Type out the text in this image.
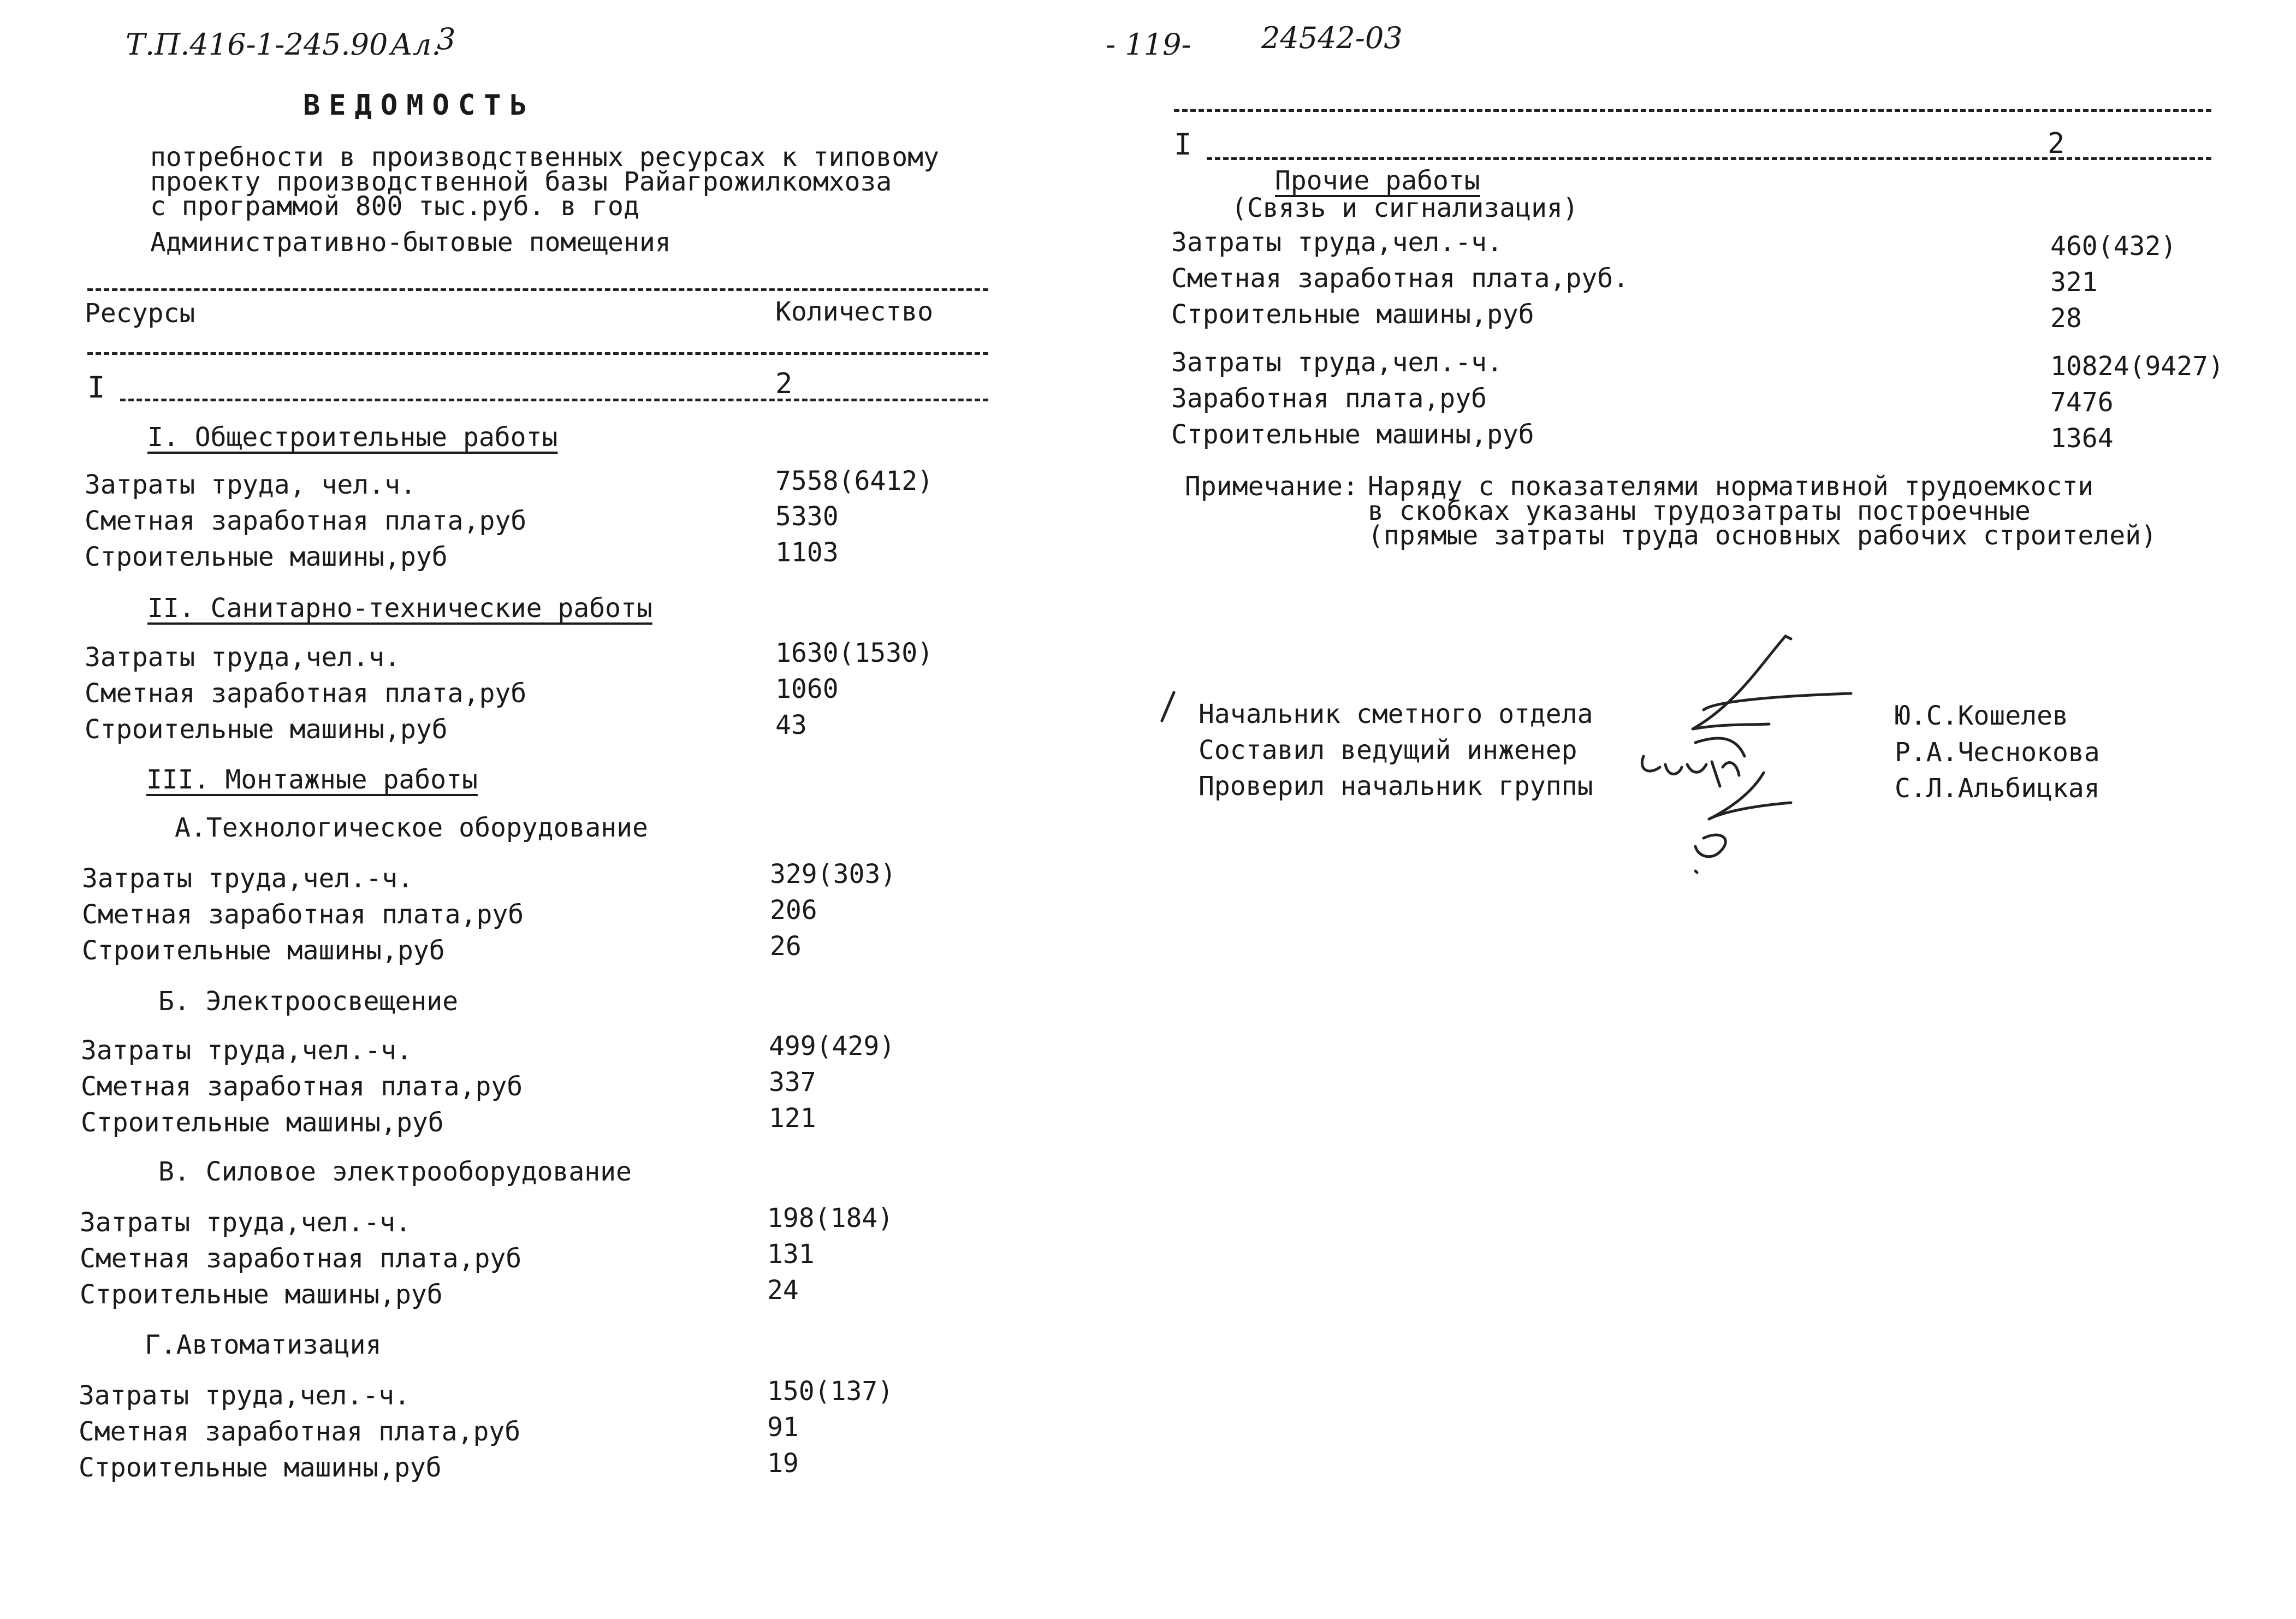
Т.П.416-1-245.90 Ал.
3
ВЕДОМОСТЬ
потребности в производственных ресурсах к типовому
проекту производственной базы Райагрожилкомхоза
с программой 800 тыс.руб. в год
Административно-бытовые помещения
Ресурсы	Количество
I	2
I. Общестроительные работы
Затраты труда, чел.ч.	7558(6412)
Сметная заработная плата,руб	5330
Строительные машины,руб	1103
II. Санитарно-технические работы
Затраты труда,чел.ч.	1630(1530)
Сметная заработная плата,руб	1060
Строительные машины,руб	43
III. Монтажные работы
А.Технологическое оборудование
Затраты труда,чел.-ч.	329(303)
Сметная заработная плата,руб	206
Строительные машины,руб	26
Б. Электроосвещение
Затраты труда,чел.-ч.	499(429)
Сметная заработная плата,руб	337
Строительные машины,руб	121
В. Силовое электрооборудование
Затраты труда,чел.-ч.	198(184)
Сметная заработная плата,руб	131
Строительные машины,руб	24
Г.Автоматизация
Затраты труда,чел.-ч.	150(137)
Сметная заработная плата,руб	91
Строительные машины,руб	19
- 119- 24542-03
I	2
Прочие работы
(Связь и сигнализация)
Затраты труда,чел.-ч.	460(432)
Сметная заработная плата,руб.	321
Строительные машины,руб	28
Затраты труда,чел.-ч.	10824(9427)
Заработная плата,руб	7476
Строительные машины,руб	1364
Примечание: Наряду с показателями нормативной трудоемкости
в скобках указаны трудозатраты построечные
(прямые затраты труда основных рабочих строителей)
Начальник сметного отдела	Ю.С.Кошелев
Составил ведущий инженер	Р.А.Чеснокова
Проверил начальник группы	С.Л.Альбицкая
